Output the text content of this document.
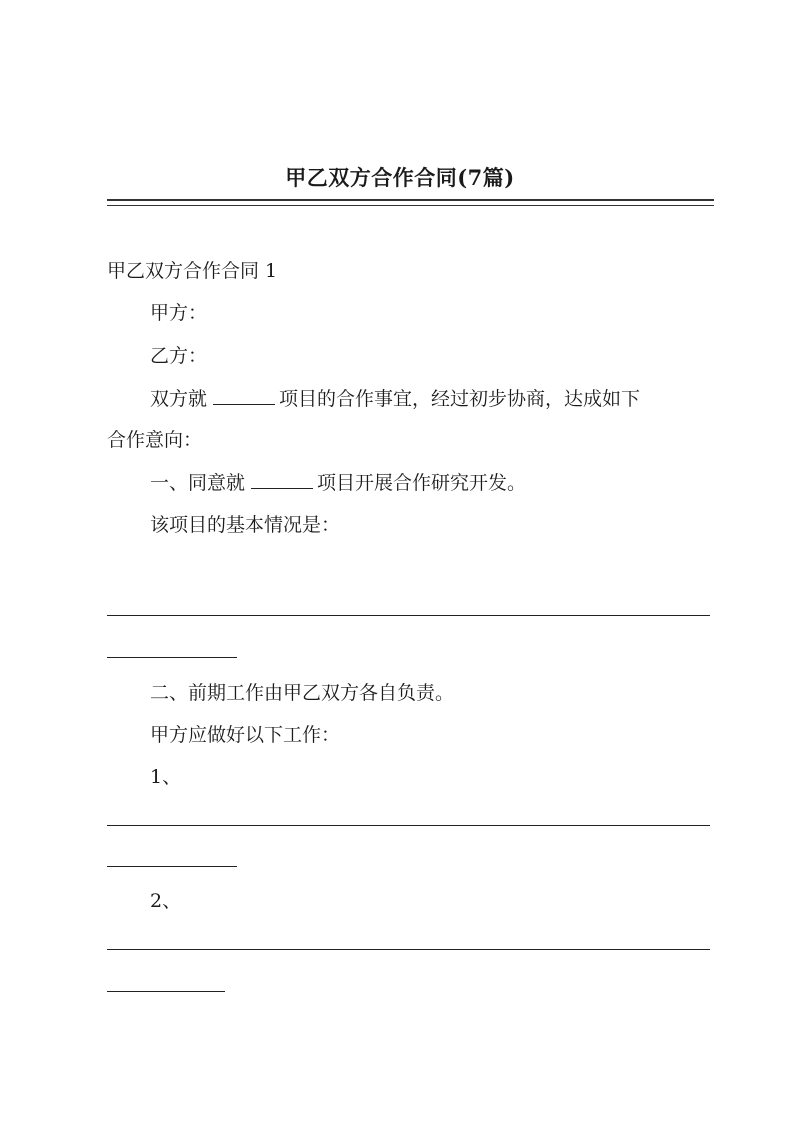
甲乙双方合作合同(7篇)
甲乙双方合作合同 1
甲方：
乙方：
双方就	项目的合作事宜，经过初步协商，达成如下
合作意向：
一、同意就	项目开展合作研究开发。
该项目的基本情况是：
二、前期工作由甲乙双方各自负责。
甲方应做好以下工作：
1、
2、
